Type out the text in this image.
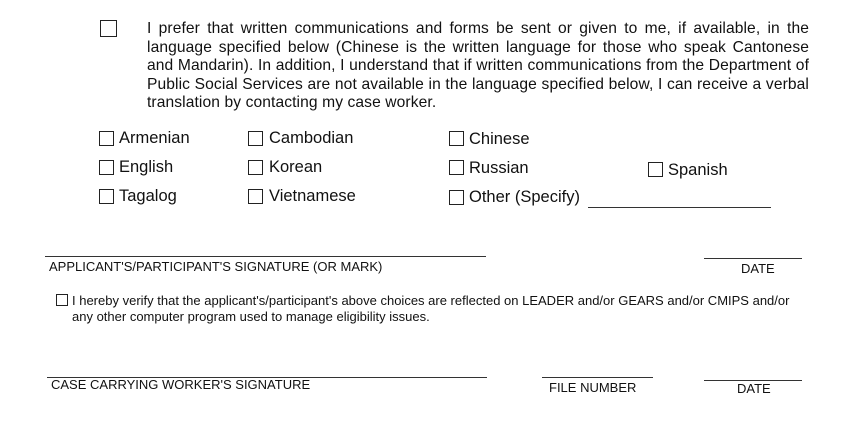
I prefer that written communications and forms be sent or given to me, if available, in the language specified below (Chinese is the written language for those who speak Cantonese and Mandarin). In addition, I understand that if written communications from the Department of Public Social Services are not available in the language specified below, I can receive a verbal translation by contacting my case worker.
Armenian	Cambodian	Chinese
English	Korean	Russian	Spanish
Tagalog	Vietnamese	Other (Specify)
APPLICANT'S/PARTICIPANT'S SIGNATURE (OR MARK)	DATE
I hereby verify that the applicant's/participant's above choices are reflected on LEADER and/or GEARS and/or CMIPS and/or any other computer program used to manage eligibility issues.
CASE CARRYING WORKER'S SIGNATURE	FILE NUMBER	DATE
